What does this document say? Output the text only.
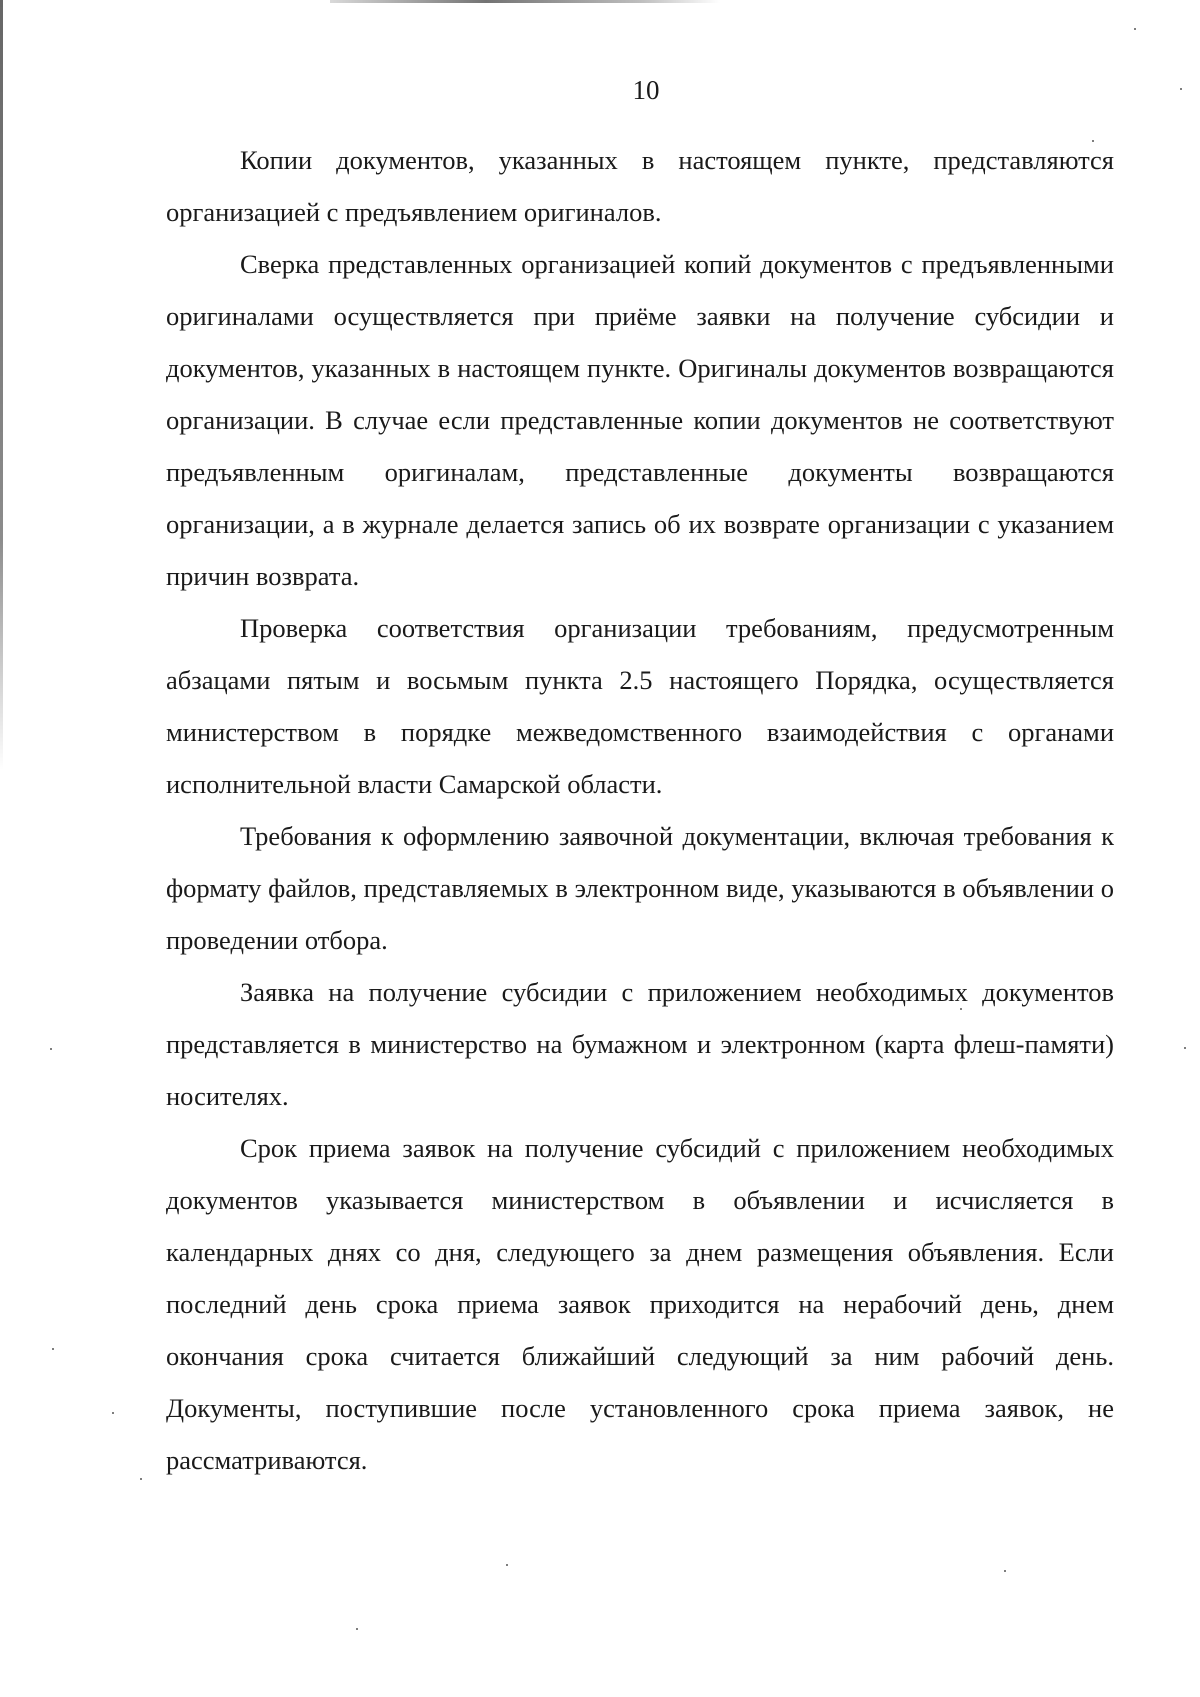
10

Копии документов, указанных в настоящем пункте, представляются организацией с предъявлением оригиналов.

Сверка представленных организацией копий документов с предъявленными оригиналами осуществляется при приёме заявки на получение субсидии и документов, указанных в настоящем пункте. Оригиналы документов возвращаются организации. В случае если представленные копии документов не соответствуют предъявленным оригиналам, представленные документы возвращаются организации, а в журнале делается запись об их возврате организации с указанием причин возврата.

Проверка соответствия организации требованиям, предусмотренным абзацами пятым и восьмым пункта 2.5 настоящего Порядка, осуществляется министерством в порядке межведомственного взаимодействия с органами исполнительной власти Самарской области.

Требования к оформлению заявочной документации, включая требования к формату файлов, представляемых в электронном виде, указываются в объявлении о проведении отбора.

Заявка на получение субсидии с приложением необходимых документов представляется в министерство на бумажном и электронном (карта флеш-памяти) носителях.

Срок приема заявок на получение субсидий с приложением необходимых документов указывается министерством в объявлении и исчисляется в календарных днях со дня, следующего за днем размещения объявления. Если последний день срока приема заявок приходится на нерабочий день, днем окончания срока считается ближайший следующий за ним рабочий день. Документы, поступившие после установленного срока приема заявок, не рассматриваются.
